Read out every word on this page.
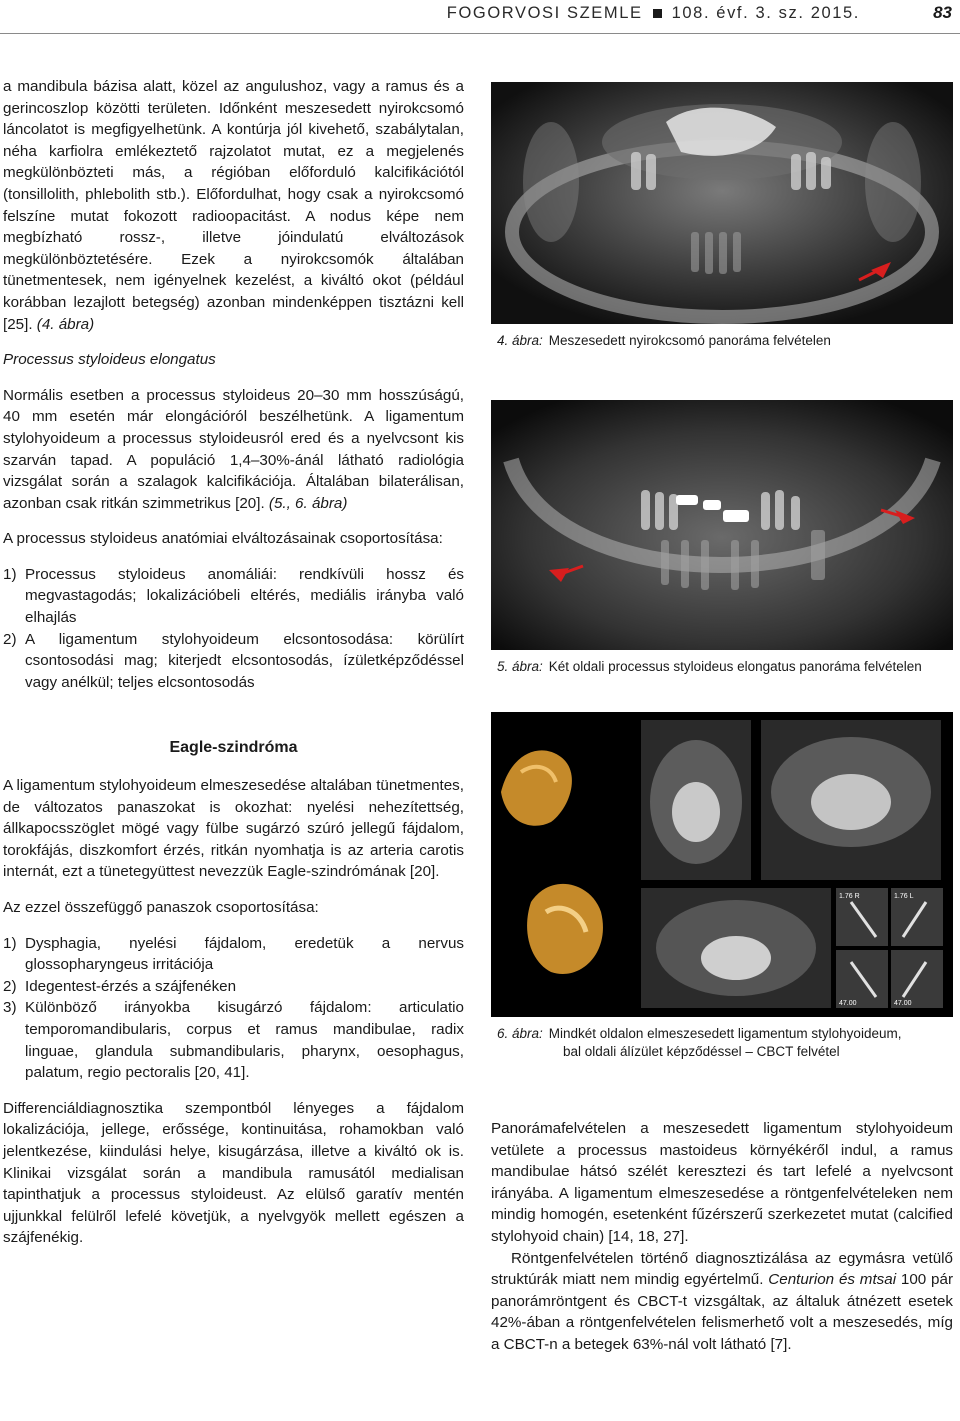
FOGORVOSI SZEMLE 108. évf. 3. sz. 2015.	83

a mandibula bázisa alatt, közel az angulushoz, vagy a ramus és a gerincoszlop közötti területen. Időnként meszesedett nyirokcsomó láncolatot is megfigyelhetünk. A kontúrja jól kivehető, szabálytalan, néha karfiolra emlékeztető rajzolatot mutat, ez a megjelenés megkülönbözteti más, a régióban előforduló kalcifikációtól (tonsillolith, phlebolith stb.). Előfordulhat, hogy csak a nyirokcsomó felszíne mutat fokozott radioopacitást. A nodus képe nem megbízható rossz-, illetve jóindulatú elváltozások megkülönböztetésére. Ezek a nyirokcsomók általában tünetmentesek, nem igényelnek kezelést, a kiváltó okot (például korábban lezajlott betegség) azonban mindenképpen tisztázni kell [25]. (4. ábra)

Processus styloideus elongatus

Normális esetben a processus styloideus 20–30 mm hosszúságú, 40 mm esetén már elongációról beszélhetünk. A ligamentum stylohyoideum a processus styloideusról ered és a nyelvcsont kis szarván tapad. A populáció 1,4–30%-ánál látható radiológia vizsgálat során a szalagok kalcifikációja. Általában bilaterálisan, azonban csak ritkán szimmetrikus [20]. (5., 6. ábra)

A processus styloideus anatómiai elváltozásainak csoportosítása:

1) Processus styloideus anomáliái: rendkívüli hossz és megvastagodás; lokalizációbeli eltérés, mediális irányba való elhajlás
2) A ligamentum stylohyoideum elcsontosodása: körülírt csontosodási mag; kiterjedt elcsontosodás, ízületképződéssel vagy anélkül; teljes elcsontosodás
Eagle-szindróma

A ligamentum stylohyoideum elmeszesedése altalában tünetmentes, de változatos panaszokat is okozhat: nyelési nehezítettség, állkapocsszöglet mögé vagy fülbe sugárzó szúró jellegű fájdalom, torokfájás, diszkomfort érzés, ritkán nyomhatja is az arteria carotis internát, ezt a tünetegyüttest nevezzük Eagle-szindrómának [20].

Az ezzel összefüggő panaszok csoportosítása:

1) Dysphagia, nyelési fájdalom, eredetük a nervus glossopharyngeus irritációja
2) Idegentest-érzés a szájfenéken
3) Különböző irányokba kisugárzó fájdalom: articulatio temporomandibularis, corpus et ramus mandibulae, radix linguae, glandula submandibularis, pharynx, oesophagus, palatum, regio pectoralis [20, 41].

Differenciáldiagnosztika szempontból lényeges a fájdalom lokalizációja, jellege, erőssége, kontinuitása, rohamokban való jelentkezése, kiindulási helye, kisugárzása, illetve a kiváltó ok is. Klinikai vizsgálat során a mandibula ramusától medialisan tapinthatjuk a processus styloideust. Az elülső garatív mentén ujjunkkal felülről lefelé követjük, a nyelvgyök mellett egészen a szájfenékig.

4. ábra: Meszesedett nyirokcsomó panoráma felvételen
5. ábra: Két oldali processus styloideus elongatus panoráma felvételen
1.76 R	1.76 L
47.00	47.00
6. ábra: Mindkét oldalon elmeszesedett ligamentum stylohyoideum,
bal oldali álízület képződéssel – CBCT felvétel

Panorámafelvételen a meszesedett ligamentum stylohyoideum vetülete a processus mastoideus környékéről indul, a ramus mandibulae hátsó szélét keresztezi és tart lefelé a nyelvcsont irányába. A ligamentum elmeszesedése a röntgenfelvételeken nem mindig homogén, esetenként fűzérszerű szerkezetet mutat (calcified stylohyoid chain) [14, 18, 27].

Röntgenfelvételen történő diagnosztizálása az egymásra vetülő struktúrák miatt nem mindig egyértelmű. Centurion és mtsai 100 pár panorámröntgent és CBCT-t vizsgáltak, az általuk átnézett esetek 42%-ában a röntgenfelvételen felismerhető volt a meszesedés, míg a CBCT-n a betegek 63%-nál volt látható [7].
